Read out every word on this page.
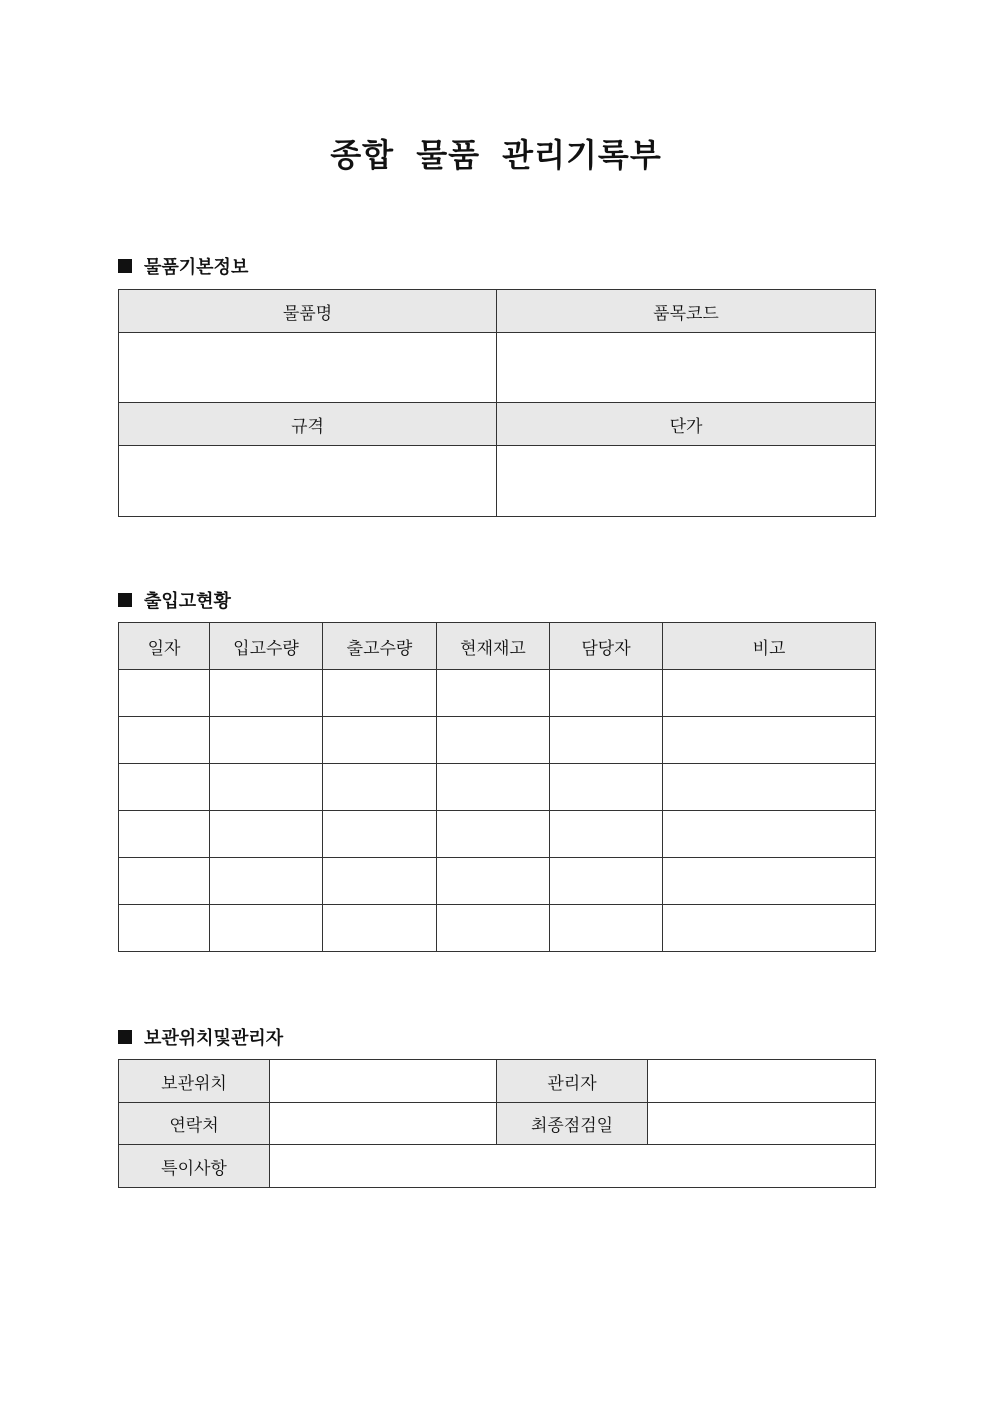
종합 물품 관리기록부
물품기본정보
물품명	품목코드

규격	단가

출입고현황
일자	입고수량	출고수량	현재재고	담당자	비고

보관위치및관리자
보관위치		관리자	
연락처		최종점검일	
특이사항			
